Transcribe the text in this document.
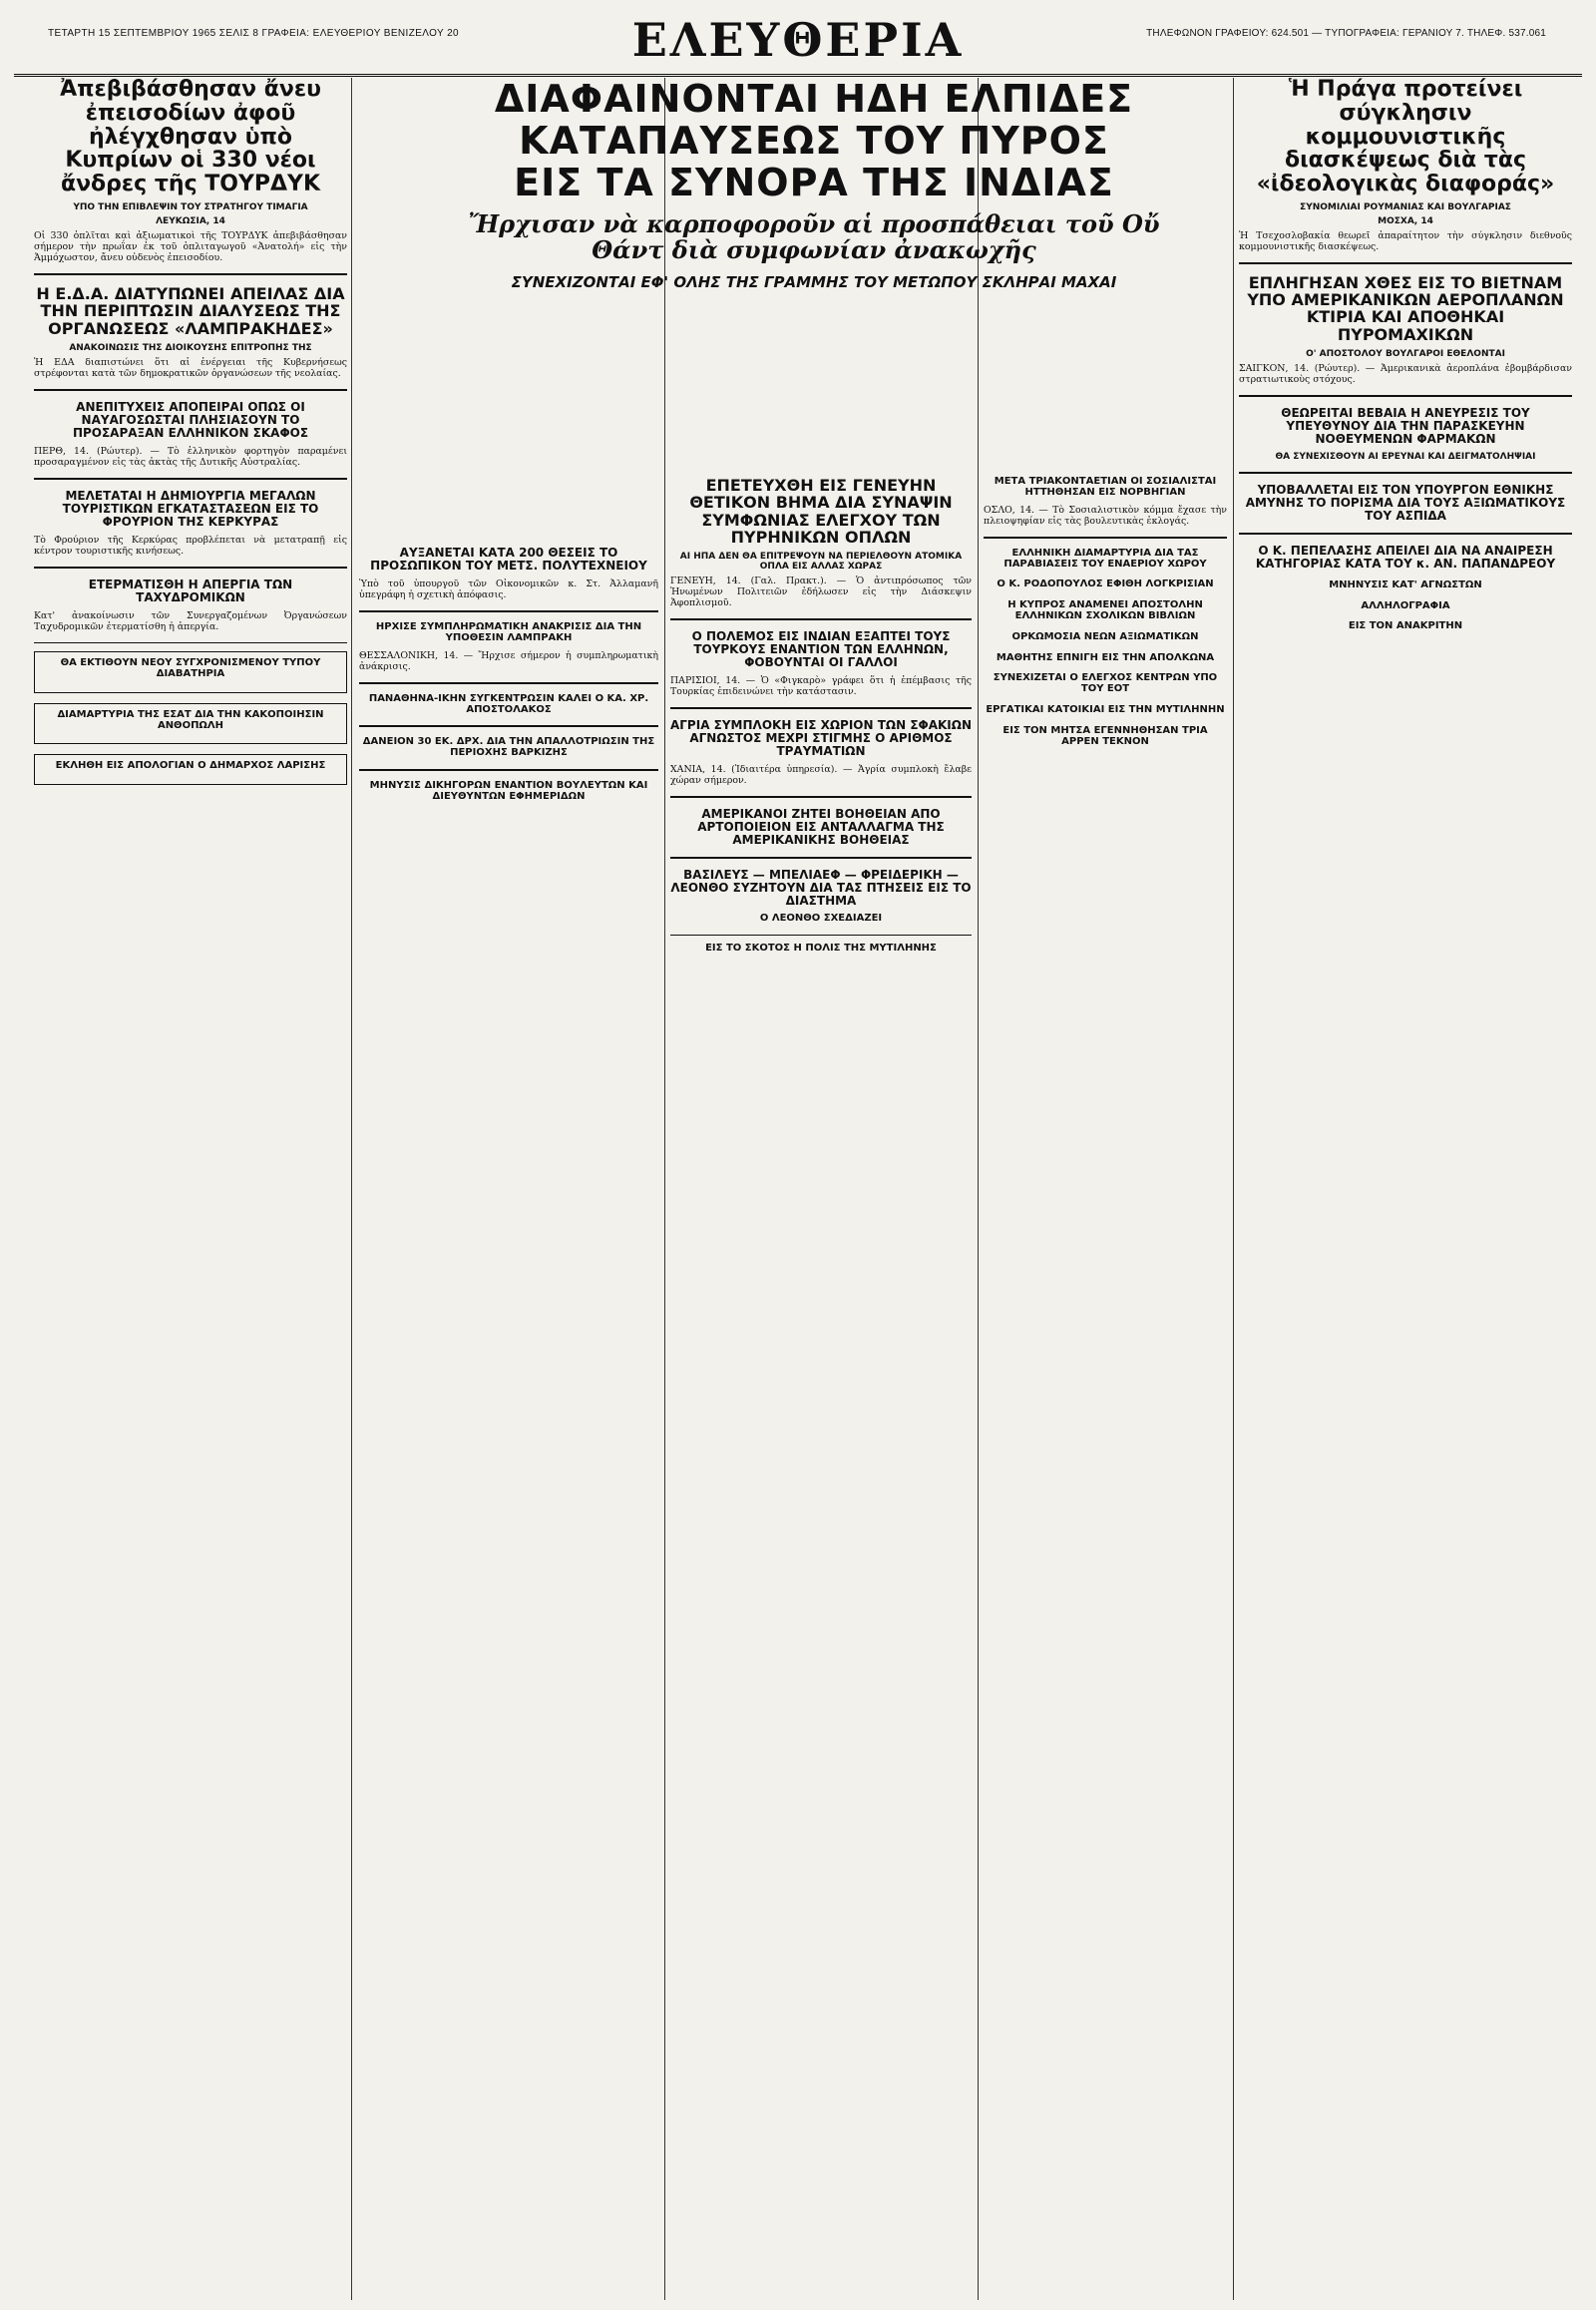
ΤΕΤΑΡΤΗ 15 ΣΕΠΤΕΜΒΡΙΟΥ 1965 ΣΕΛΙΣ 8 ΓΡΑΦΕΙΑ: ΕΛΕΥΘΕΡΙΟΥ ΒΕΝΙΖΕΛΟΥ 20	ΕΛΕΥΘΕΡΙΑ	ΤΗΛΕΦΩΝΟΝ ΓΡΑΦΕΙΟΥ: 624.501 — ΤΥΠΟΓΡΑΦΕΙΑ: ΓΕΡΑΝΙΟΥ 7. ΤΗΛΕΦ. 537.061
ΔΙΑΦΑΙΝΟΝΤΑΙ ΗΔΗ ΕΛΠΙΔΕΣ
ΚΑΤΑΠΑΥΣΕΩΣ ΤΟΥ ΠΥΡΟΣ
ΕΙΣ ΤΑ ΣΥΝΟΡΑ ΤΗΣ ΙΝΔΙΑΣ
Ἤρχισαν νὰ καρποφοροῦν αἱ προσπάθειαι τοῦ Οὔ Θάντ διὰ συμφωνίαν ἀνακωχῆς
ΣΥΝΕΧΙΖΟΝΤΑΙ ΕΦ' ΟΛΗΣ ΤΗΣ ΓΡΑΜΜΗΣ ΤΟΥ ΜΕΤΩΠΟΥ ΣΚΛΗΡΑΙ ΜΑΧΑΙ
Ἀπεβιβάσθησαν ἄνευ ἐπεισοδίων ἀφοῦ ἠλέγχθησαν ὑπὸ Κυπρίων οἱ 330 νέοι ἄνδρες τῆς ΤΟΥΡΔΥΚ
ΥΠΟ ΤΗΝ ΕΠΙΒΛΕΨΙΝ ΤΟΥ ΣΤΡΑΤΗΓΟΥ ΤΙΜΑΓΙΑ
ΛΕΥΚΩΣΙΑ, 14

Οἱ 330 ὁπλῖται καὶ ἀξιωματικοὶ τῆς ΤΟΥΡΔΥΚ ἀπεβιβάσθησαν σήμερον τὴν πρωΐαν ἐκ τοῦ ὁπλιταγωγοῦ «Ἀνατολή» εἰς τὴν Ἀμμόχωστον, ἄνευ οὐδενὸς ἐπεισοδίου.

Η Ε.Δ.Α. ΔΙΑΤΥΠΩΝΕΙ ΑΠΕΙΛΑΣ ΔΙΑ ΤΗΝ ΠΕΡΙΠΤΩΣΙΝ ΔΙΑΛΥΣΕΩΣ ΤΗΣ ΟΡΓΑΝΩΣΕΩΣ «ΛΑΜΠΡΑΚΗΔΕΣ»
ΑΝΑΚΟΙΝΩΣΙΣ ΤΗΣ ΔΙΟΙΚΟΥΣΗΣ ΕΠΙΤΡΟΠΗΣ ΤΗΣ

Ἡ ΕΔΑ διαπιστώνει ὅτι αἱ ἐνέργειαι τῆς Κυβερνήσεως στρέφονται κατὰ τῶν δημοκρατικῶν ὀργανώσεων τῆς νεολαίας.

ΑΝΕΠΙΤΥΧΕΙΣ ΑΠΟΠΕΙΡΑΙ ΟΠΩΣ ΟΙ ΝΑΥΑΓΟΣΩΣΤΑΙ ΠΛΗΣΙΑΣΟΥΝ ΤΟ ΠΡΟΣΑΡΑΞΑΝ ΕΛΛΗΝΙΚΟΝ ΣΚΑΦΟΣ

ΠΕΡΘ, 14. (Ρώυτερ). — Τὸ ἑλληνικὸν φορτηγὸν παραμένει προσαραγμένον εἰς τὰς ἀκτὰς τῆς Δυτικῆς Αὐστραλίας.

ΜΕΛΕΤΑΤΑΙ Η ΔΗΜΙΟΥΡΓΙΑ ΜΕΓΑΛΩΝ ΤΟΥΡΙΣΤΙΚΩΝ ΕΓΚΑΤΑΣΤΑΣΕΩΝ ΕΙΣ ΤΟ ΦΡΟΥΡΙΟΝ ΤΗΣ ΚΕΡΚΥΡΑΣ

Τὸ Φρούριον τῆς Κερκύρας προβλέπεται νὰ μετατραπῇ εἰς κέντρον τουριστικῆς κινήσεως.

ΕΤΕΡΜΑΤΙΣΘΗ Η ΑΠΕΡΓΙΑ ΤΩΝ ΤΑΧΥΔΡΟΜΙΚΩΝ

Κατ' ἀνακοίνωσιν τῶν Συνεργαζομένων Ὀργανώσεων Ταχυδρομικῶν ἐτερματίσθη ἡ ἀπεργία.

ΘΑ ΕΚΤΙΘΟΥΝ ΝΕΟΥ ΣΥΓΧΡΟΝΙΣΜΕΝΟΥ ΤΥΠΟΥ ΔΙΑΒΑΤΗΡΙΑ
ΔΙΑΜΑΡΤΥΡΙΑ ΤΗΣ ΕΣΑΤ ΔΙΑ ΤΗΝ ΚΑΚΟΠΟΙΗΣΙΝ ΑΝΘΟΠΩΛΗ
ΕΚΛΗΘΗ ΕΙΣ ΑΠΟΛΟΓΙΑΝ Ο ΔΗΜΑΡΧΟΣ ΛΑΡΙΣΗΣ
ΑΥΞΑΝΕΤΑΙ ΚΑΤΑ 200 ΘΕΣΕΙΣ ΤΟ ΠΡΟΣΩΠΙΚΟΝ ΤΟΥ ΜΕΤΣ. ΠΟΛΥΤΕΧΝΕΙΟΥ

Ὑπὸ τοῦ ὑπουργοῦ τῶν Οἰκονομικῶν κ. Στ. Ἀλλαμανῆ ὑπεγράφη ἡ σχετικὴ ἀπόφασις.

ΗΡΧΙΣΕ ΣΥΜΠΛΗΡΩΜΑΤΙΚΗ ΑΝΑΚΡΙΣΙΣ ΔΙΑ ΤΗΝ ΥΠΟΘΕΣΙΝ ΛΑΜΠΡΑΚΗ

ΘΕΣΣΑΛΟΝΙΚΗ, 14. — Ἤρχισε σήμερον ἡ συμπληρωματικὴ ἀνάκρισις.

ΠΑΝΑΘΗΝΑ-ΙΚΗΝ ΣΥΓΚΕΝΤΡΩΣΙΝ ΚΑΛΕΙ Ο ΚΑ. ΧΡ. ΑΠΟΣΤΟΛΑΚΟΣ
ΔΑΝΕΙΟΝ 30 ΕΚ. ΔΡΧ. ΔΙΑ ΤΗΝ ΑΠΑΛΛΟΤΡΙΩΣΙΝ ΤΗΣ ΠΕΡΙΟΧΗΣ ΒΑΡΚΙΖΗΣ
ΜΗΝΥΣΙΣ ΔΙΚΗΓΟΡΩΝ ΕΝΑΝΤΙΟΝ ΒΟΥΛΕΥΤΩΝ ΚΑΙ ΔΙΕΥΘΥΝΤΩΝ ΕΦΗΜΕΡΙΔΩΝ
ΕΠΕΤΕΥΧΘΗ ΕΙΣ ΓΕΝΕΥΗΝ ΘΕΤΙΚΟΝ ΒΗΜΑ ΔΙΑ ΣΥΝΑΨΙΝ ΣΥΜΦΩΝΙΑΣ ΕΛΕΓΧΟΥ ΤΩΝ ΠΥΡΗΝΙΚΩΝ ΟΠΛΩΝ
ΑΙ ΗΠΑ ΔΕΝ ΘΑ ΕΠΙΤΡΕΨΟΥΝ ΝΑ ΠΕΡΙΕΛΘΟΥΝ ΑΤΟΜΙΚΑ ΟΠΛΑ ΕΙΣ ΑΛΛΑΣ ΧΩΡΑΣ

ΓΕΝΕΥΗ, 14. (Γαλ. Πρακτ.). — Ὁ ἀντιπρόσωπος τῶν Ἡνωμένων Πολιτειῶν ἐδήλωσεν εἰς τὴν Διάσκεψιν Ἀφοπλισμοῦ.

Ο ΠΟΛΕΜΟΣ ΕΙΣ ΙΝΔΙΑΝ ΕΞΑΠΤΕΙ ΤΟΥΣ ΤΟΥΡΚΟΥΣ ΕΝΑΝΤΙΟΝ ΤΩΝ ΕΛΛΗΝΩΝ, ΦΟΒΟΥΝΤΑΙ ΟΙ ΓΑΛΛΟΙ

ΠΑΡΙΣΙΟΙ, 14. — Ὁ «Φιγκαρὸ» γράφει ὅτι ἡ ἐπέμβασις τῆς Τουρκίας ἐπιδεινώνει τὴν κατάστασιν.

ΑΓΡΙΑ ΣΥΜΠΛΟΚΗ ΕΙΣ ΧΩΡΙΟΝ ΤΩΝ ΣΦΑΚΙΩΝ ΑΓΝΩΣΤΟΣ ΜΕΧΡΙ ΣΤΙΓΜΗΣ Ο ΑΡΙΘΜΟΣ ΤΡΑΥΜΑΤΙΩΝ

ΧΑΝΙΑ, 14. (Ἰδιαιτέρα ὑπηρεσία). — Ἀγρία συμπλοκὴ ἔλαβε χώραν σήμερον.

ΑΜΕΡΙΚΑΝΟΙ ΖΗΤΕΙ ΒΟΗΘΕΙΑΝ ΑΠΟ ΑΡΤΟΠΟΙΕΙΟΝ ΕΙΣ ΑΝΤΑΛΛΑΓΜΑ ΤΗΣ ΑΜΕΡΙΚΑΝΙΚΗΣ ΒΟΗΘΕΙΑΣ
ΒΑΣΙΛΕΥΣ — ΜΠΕΛΙΑΕΦ — ΦΡΕΙΔΕΡΙΚΗ — ΛΕΟΝΘΟ ΣΥΖΗΤΟΥΝ ΔΙΑ ΤΑΣ ΠΤΗΣΕΙΣ ΕΙΣ ΤΟ ΔΙΑΣΤΗΜΑ
Ο ΛΕΟΝΘΟ ΣΧΕΔΙΑΖΕΙ
ΕΙΣ ΤΟ ΣΚΟΤΟΣ Η ΠΟΛΙΣ ΤΗΣ ΜΥΤΙΛΗΝΗΣ
ΜΕΤΑ ΤΡΙΑΚΟΝΤΑΕΤΙΑΝ ΟΙ ΣΟΣΙΑΛΙΣΤΑΙ ΗΤΤΗΘΗΣΑΝ ΕΙΣ ΝΟΡΒΗΓΙΑΝ

ΟΣΛΟ, 14. — Τὸ Σοσιαλιστικὸν κόμμα ἔχασε τὴν πλειοψηφίαν εἰς τὰς βουλευτικὰς ἐκλογάς.

ΕΛΛΗΝΙΚΗ ΔΙΑΜΑΡΤΥΡΙΑ ΔΙΑ ΤΑΣ ΠΑΡΑΒΙΑΣΕΙΣ ΤΟΥ ΕΝΑΕΡΙΟΥ ΧΩΡΟΥ
Ο Κ. ΡΟΔΟΠΟΥΛΟΣ ΕΦΙΘΗ ΛΟΓΚΡΙΣΙΑΝ
Η ΚΥΠΡΟΣ ΑΝΑΜΕΝΕΙ ΑΠΟΣΤΟΛΗΝ ΕΛΛΗΝΙΚΩΝ ΣΧΟΛΙΚΩΝ ΒΙΒΛΙΩΝ
ΟΡΚΩΜΟΣΙΑ ΝΕΩΝ ΑΞΙΩΜΑΤΙΚΩΝ
ΜΑΘΗΤΗΣ ΕΠΝΙΓΗ ΕΙΣ ΤΗΝ ΑΠΟΛΚΩΝΑ
ΣΥΝΕΧΙΖΕΤΑΙ Ο ΕΛΕΓΧΟΣ ΚΕΝΤΡΩΝ ΥΠΟ ΤΟΥ ΕΟΤ
ΕΡΓΑΤΙΚΑΙ ΚΑΤΟΙΚΙΑΙ ΕΙΣ ΤΗΝ ΜΥΤΙΛΗΝΗΝ
ΕΙΣ ΤΟΝ ΜΗΤΣΑ ΕΓΕΝΝΗΘΗΣΑΝ ΤΡΙΑ ΑΡΡΕΝ ΤΕΚΝΟΝ
Ἡ Πράγα προτείνει σύγκλησιν κομμουνιστικῆς διασκέψεως διὰ τὰς «ἰδεολογικὰς διαφοράς»
ΣΥΝΟΜΙΛΙΑΙ ΡΟΥΜΑΝΙΑΣ ΚΑΙ ΒΟΥΛΓΑΡΙΑΣ
ΜΟΣΧΑ, 14

Ἡ Τσεχοσλοβακία θεωρεῖ ἀπαραίτητον τὴν σύγκλησιν διεθνοῦς κομμουνιστικῆς διασκέψεως.

ΕΠΛΗΓΗΣΑΝ ΧΘΕΣ ΕΙΣ ΤΟ ΒΙΕΤΝΑΜ ΥΠΟ ΑΜΕΡΙΚΑΝΙΚΩΝ ΑΕΡΟΠΛΑΝΩΝ ΚΤΙΡΙΑ ΚΑΙ ΑΠΟΘΗΚΑΙ ΠΥΡΟΜΑΧΙΚΩΝ
Ο' ΑΠΟΣΤΟΛΟΥ ΒΟΥΛΓΑΡΟΙ ΕΘΕΛΟΝΤΑΙ

ΣΑΙΓΚΟΝ, 14. (Ρώυτερ). — Ἀμερικανικὰ ἀεροπλάνα ἐβομβάρδισαν στρατιωτικοὺς στόχους.

ΘΕΩΡΕΙΤΑΙ ΒΕΒΑΙΑ Η ΑΝΕΥΡΕΣΙΣ ΤΟΥ ΥΠΕΥΘΥΝΟΥ ΔΙΑ ΤΗΝ ΠΑΡΑΣΚΕΥΗΝ ΝΟΘΕΥΜΕΝΩΝ ΦΑΡΜΑΚΩΝ
ΘΑ ΣΥΝΕΧΙΣΘΟΥΝ ΑΙ ΕΡΕΥΝΑΙ ΚΑΙ ΔΕΙΓΜΑΤΟΛΗΨΙΑΙ
ΥΠΟΒΑΛΛΕΤΑΙ ΕΙΣ ΤΟΝ ΥΠΟΥΡΓΟΝ ΕΘΝΙΚΗΣ ΑΜΥΝΗΣ ΤΟ ΠΟΡΙΣΜΑ ΔΙΑ ΤΟΥΣ ΑΞΙΩΜΑΤΙΚΟΥΣ ΤΟΥ ΑΣΠΙΔΑ
Ο Κ. ΠΕΠΕΛΑΣΗΣ ΑΠΕΙΛΕΙ ΔΙΑ ΝΑ ΑΝΑΙΡΕΣΗ ΚΑΤΗΓΟΡΙΑΣ ΚΑΤΑ ΤΟΥ κ. ΑΝ. ΠΑΠΑΝΔΡΕΟΥ
ΜΝΗΝΥΣΙΣ ΚΑΤ' ΑΓΝΩΣΤΩΝ
ΑΛΛΗΛΟΓΡΑΦΙΑ
ΕΙΣ ΤΟΝ ΑΝΑΚΡΙΤΗΝ
